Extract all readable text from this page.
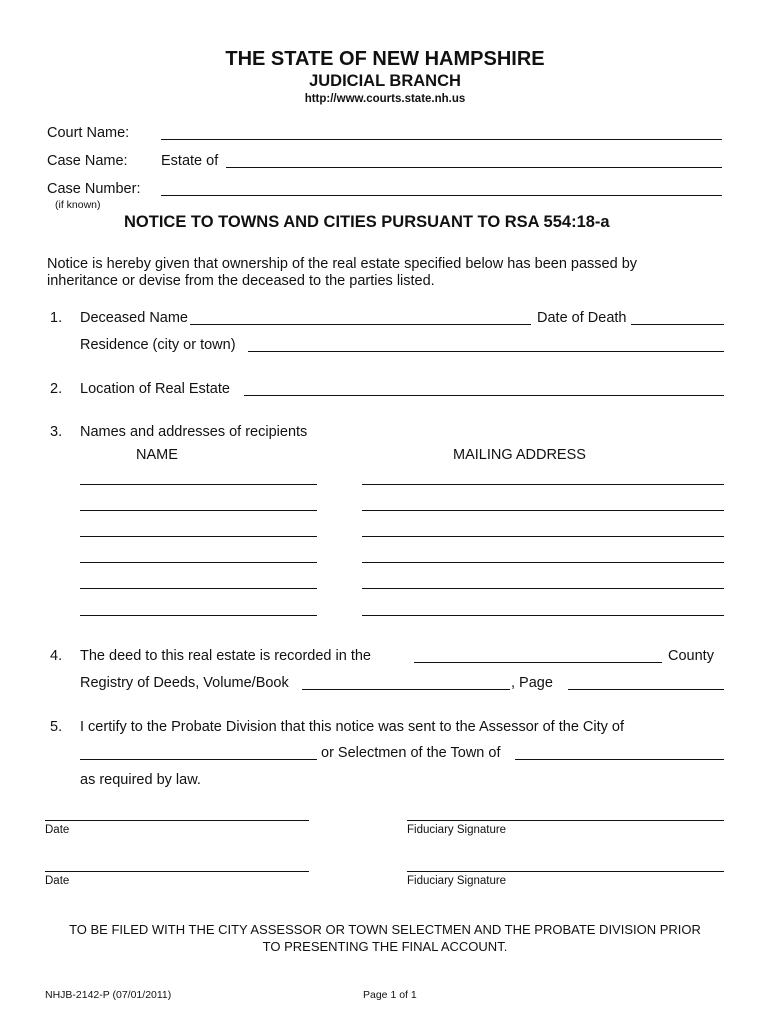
THE STATE OF NEW HAMPSHIRE
JUDICIAL BRANCH
http://www.courts.state.nh.us
Court Name:
Case Name: Estate of
Case Number:
(if known)
NOTICE TO TOWNS AND CITIES PURSUANT TO RSA 554:18-a
Notice is hereby given that ownership of the real estate specified below has been passed by
inheritance or devise from the deceased to the parties listed.
1. Deceased Name	Date of Death
Residence (city or town)
2. Location of Real Estate
3. Names and addresses of recipients
NAME	MAILING ADDRESS
4. The deed to this real estate is recorded in the	County
Registry of Deeds, Volume/Book	, Page
5. I certify to the Probate Division that this notice was sent to the Assessor of the City of
or Selectmen of the Town of
as required by law.
Date	Fiduciary Signature
Date	Fiduciary Signature
TO BE FILED WITH THE CITY ASSESSOR OR TOWN SELECTMEN AND THE PROBATE DIVISION PRIOR
TO PRESENTING THE FINAL ACCOUNT.
NHJB-2142-P (07/01/2011)	Page 1 of 1
